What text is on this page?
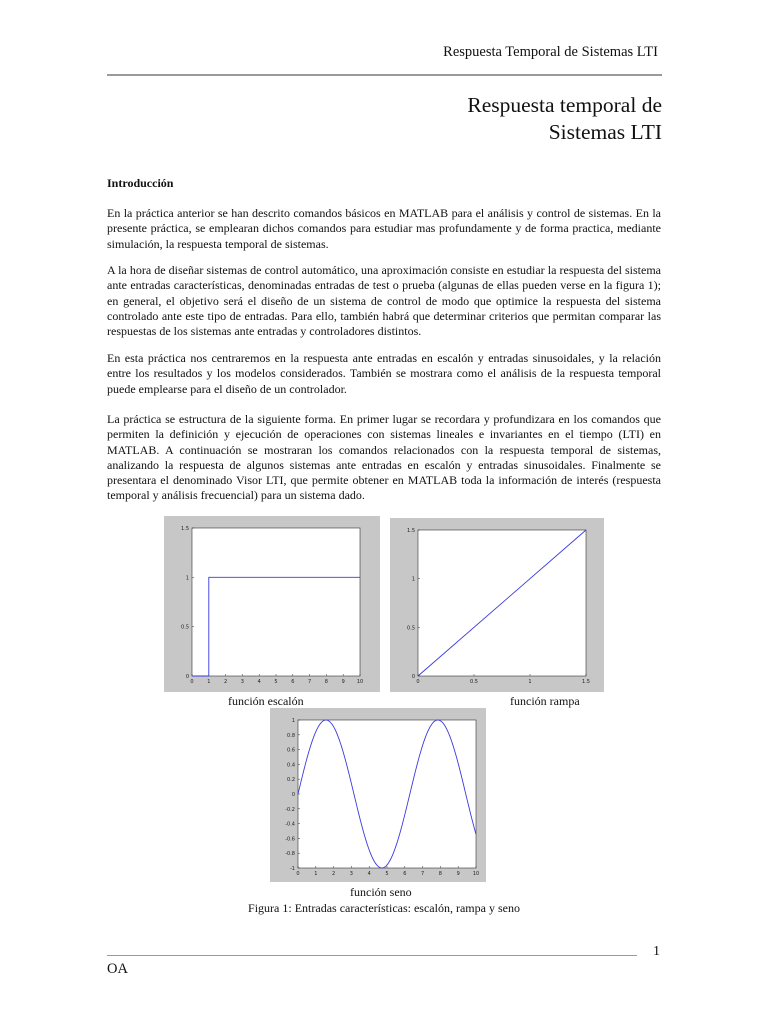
Respuesta Temporal de Sistemas LTI
Respuesta temporal de
Sistemas LTI
Introducción

En la práctica anterior se han descrito comandos básicos en MATLAB para el análisis y control de sistemas. En la presente práctica, se emplearan dichos comandos para estudiar mas profundamente y de forma practica, mediante simulación, la respuesta temporal de sistemas.

A la hora de diseñar sistemas de control automático, una aproximación consiste en estudiar la respuesta del sistema ante entradas características, denominadas entradas de test o prueba (algunas de ellas pueden verse en la figura 1); en general, el objetivo será el diseño de un sistema de control de modo que optimice la respuesta del sistema controlado ante este tipo de entradas. Para ello, también habrá que determinar criterios que permitan comparar las respuestas de los sistemas ante entradas y controladores distintos.

En esta práctica nos centraremos en la respuesta ante entradas en escalón y entradas sinusoidales, y la relación entre los resultados y los modelos considerados. También se mostrara como el análisis de la respuesta temporal puede emplearse para el diseño de un controlador.

La práctica se estructura de la siguiente forma. En primer lugar se recordara y profundizara en los comandos que permiten la definición y ejecución de operaciones con sistemas lineales e invariantes en el tiempo (LTI) en MATLAB. A continuación se mostraran los comandos relacionados con la respuesta temporal de sistemas, analizando la respuesta de algunos sistemas ante entradas en escalón y entradas sinusoidales. Finalmente se presentara el denominado Visor LTI, que permite obtener en MATLAB toda la información de interés (respuesta temporal y análisis frecuencial) para un sistema dado.

0	1	2	3	4	5	6	7	8	9 10
0
0.5
1
1.5
0	0.5	1	1.5
0
0.5
1
1.5
0	1	2	3	4	5	6	7	8	9	10
1
0.8
0.6
0.4
0.2
0
-0.2
-0.4
-0.6
-0.8
-1
función escalón	función rampa
función seno
Figura 1: Entradas características: escalón, rampa y seno
1
OA
